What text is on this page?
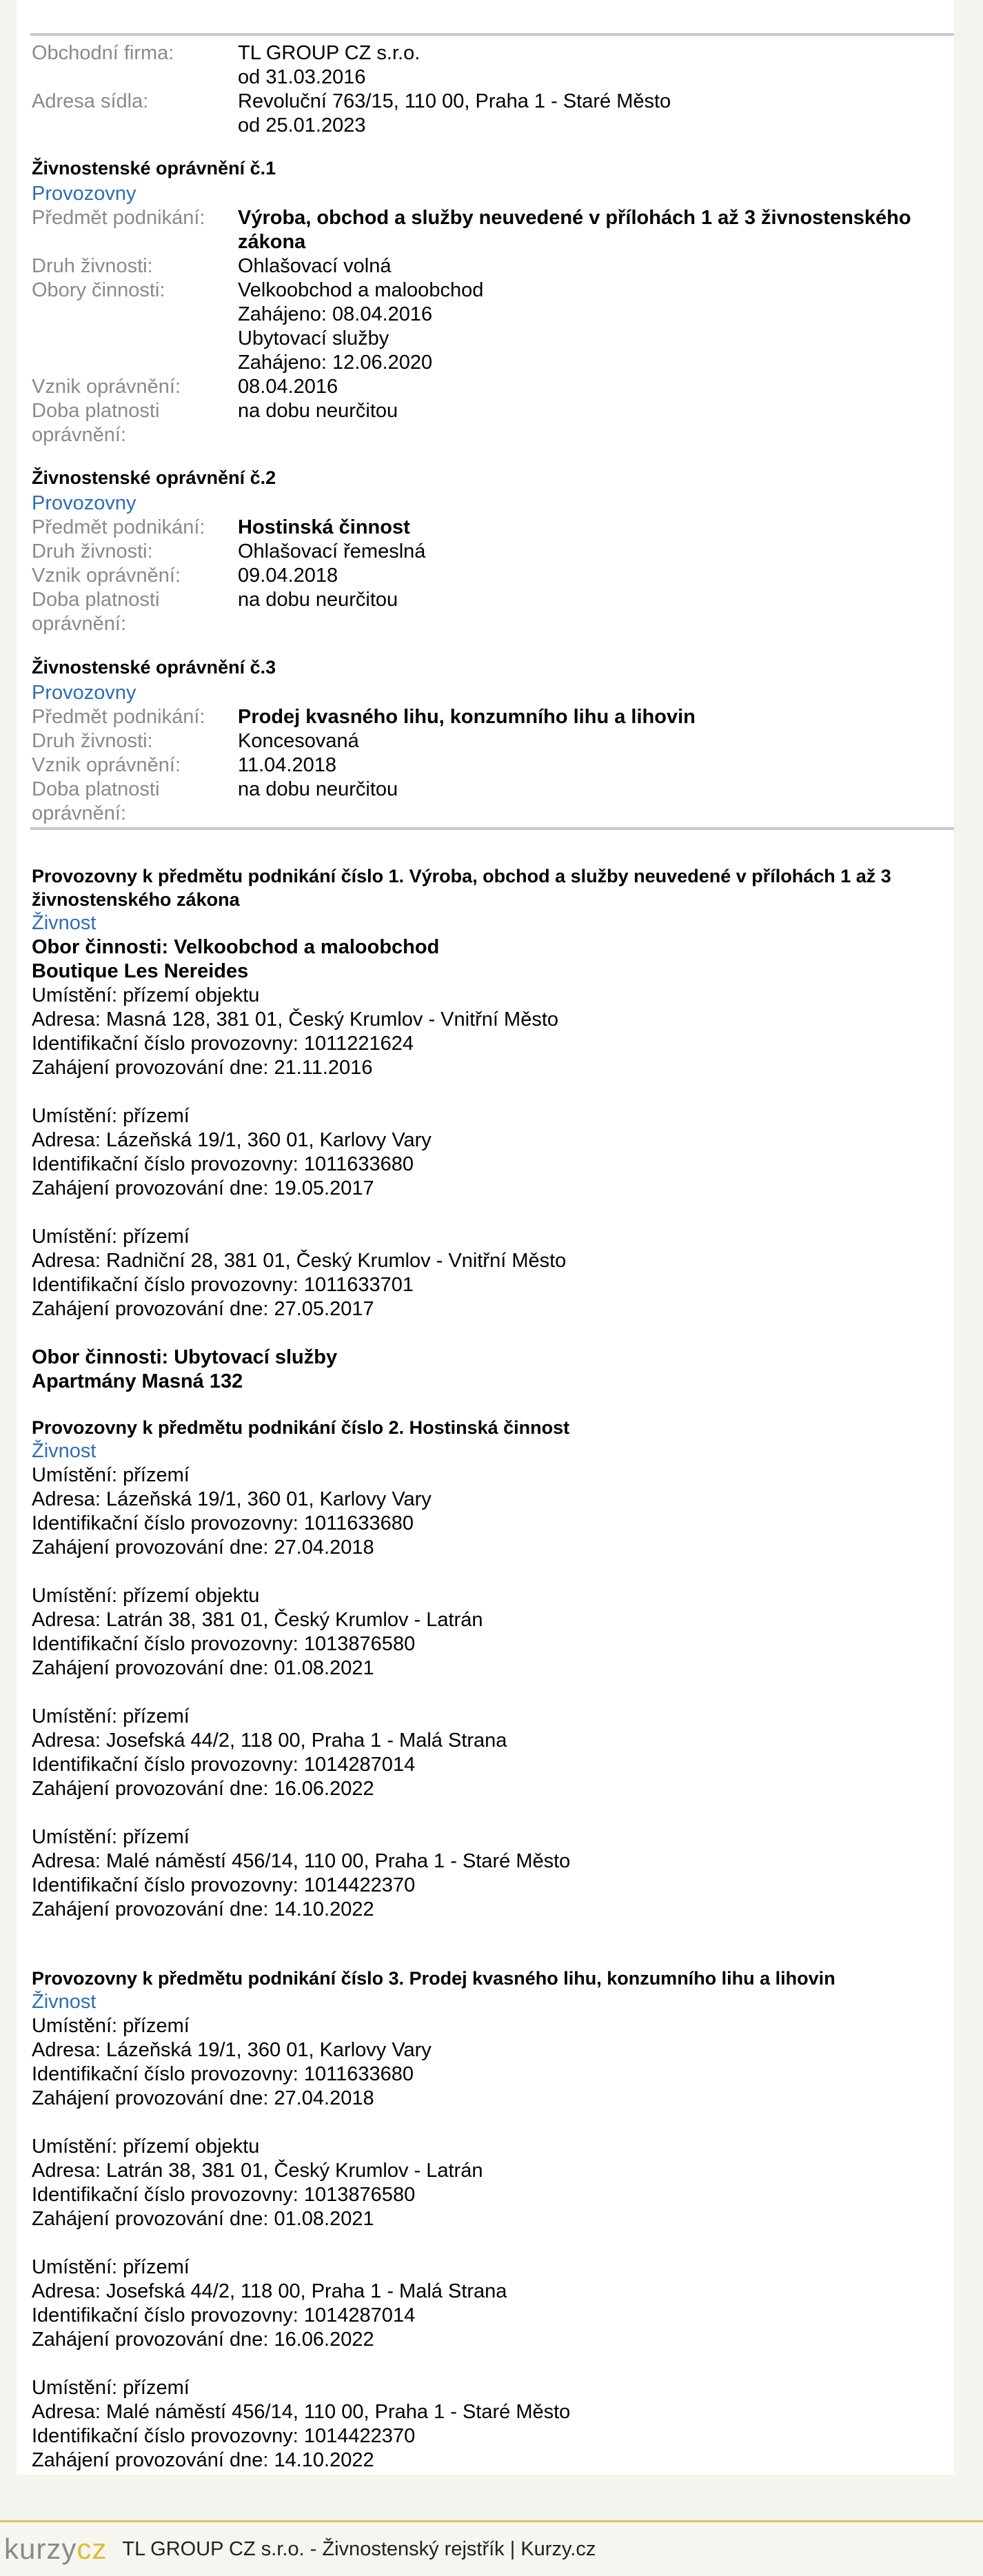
Obchodní firma:	TL GROUP CZ s.r.o.
od 31.03.2016
Adresa sídla:	Revoluční 763/15, 110 00, Praha 1 - Staré Město
od 25.01.2023
Živnostenské oprávnění č.1
Provozovny
Předmět podnikání:	Výroba, obchod a služby neuvedené v přílohách 1 až 3 živnostenského zákona
Druh živnosti:	Ohlašovací volná
Obory činnosti:	Velkoobchod a maloobchod
Zahájeno: 08.04.2016
Ubytovací služby
Zahájeno: 12.06.2020
Vznik oprávnění:	08.04.2016
Doba platnosti
oprávnění:
na dobu neurčitou
Živnostenské oprávnění č.2
Provozovny
Předmět podnikání:	Hostinská činnost
Druh živnosti:	Ohlašovací řemeslná
Vznik oprávnění:	09.04.2018
Doba platnosti
oprávnění:
na dobu neurčitou
Živnostenské oprávnění č.3
Provozovny
Předmět podnikání:	Prodej kvasného lihu, konzumního lihu a lihovin
Druh živnosti:	Koncesovaná
Vznik oprávnění:	11.04.2018
Doba platnosti
oprávnění:
na dobu neurčitou
Provozovny k předmětu podnikání číslo 1. Výroba, obchod a služby neuvedené v přílohách 1 až 3
živnostenského zákona
Živnost
Obor činnosti: Velkoobchod a maloobchod
Boutique Les Nereides
Umístění: přízemí objektu
Adresa: Masná 128, 381 01, Český Krumlov - Vnitřní Město
Identifikační číslo provozovny: 1011221624
Zahájení provozování dne: 21.11.2016
Umístění: přízemí
Adresa: Lázeňská 19/1, 360 01, Karlovy Vary
Identifikační číslo provozovny: 1011633680
Zahájení provozování dne: 19.05.2017
Umístění: přízemí
Adresa: Radniční 28, 381 01, Český Krumlov - Vnitřní Město
Identifikační číslo provozovny: 1011633701
Zahájení provozování dne: 27.05.2017
Obor činnosti: Ubytovací služby
Apartmány Masná 132
Provozovny k předmětu podnikání číslo 2. Hostinská činnost
Živnost
Umístění: přízemí
Adresa: Lázeňská 19/1, 360 01, Karlovy Vary
Identifikační číslo provozovny: 1011633680
Zahájení provozování dne: 27.04.2018
Umístění: přízemí objektu
Adresa: Latrán 38, 381 01, Český Krumlov - Latrán
Identifikační číslo provozovny: 1013876580
Zahájení provozování dne: 01.08.2021
Umístění: přízemí
Adresa: Josefská 44/2, 118 00, Praha 1 - Malá Strana
Identifikační číslo provozovny: 1014287014
Zahájení provozování dne: 16.06.2022
Umístění: přízemí
Adresa: Malé náměstí 456/14, 110 00, Praha 1 - Staré Město
Identifikační číslo provozovny: 1014422370
Zahájení provozování dne: 14.10.2022
Provozovny k předmětu podnikání číslo 3. Prodej kvasného lihu, konzumního lihu a lihovin
Živnost
Umístění: přízemí
Adresa: Lázeňská 19/1, 360 01, Karlovy Vary
Identifikační číslo provozovny: 1011633680
Zahájení provozování dne: 27.04.2018
Umístění: přízemí objektu
Adresa: Latrán 38, 381 01, Český Krumlov - Latrán
Identifikační číslo provozovny: 1013876580
Zahájení provozování dne: 01.08.2021
Umístění: přízemí
Adresa: Josefská 44/2, 118 00, Praha 1 - Malá Strana
Identifikační číslo provozovny: 1014287014
Zahájení provozování dne: 16.06.2022
Umístění: přízemí
Adresa: Malé náměstí 456/14, 110 00, Praha 1 - Staré Město
Identifikační číslo provozovny: 1014422370
Zahájení provozování dne: 14.10.2022
kurzy cz TL GROUP CZ s.r.o. - Živnostenský rejstřík | Kurzy.cz
